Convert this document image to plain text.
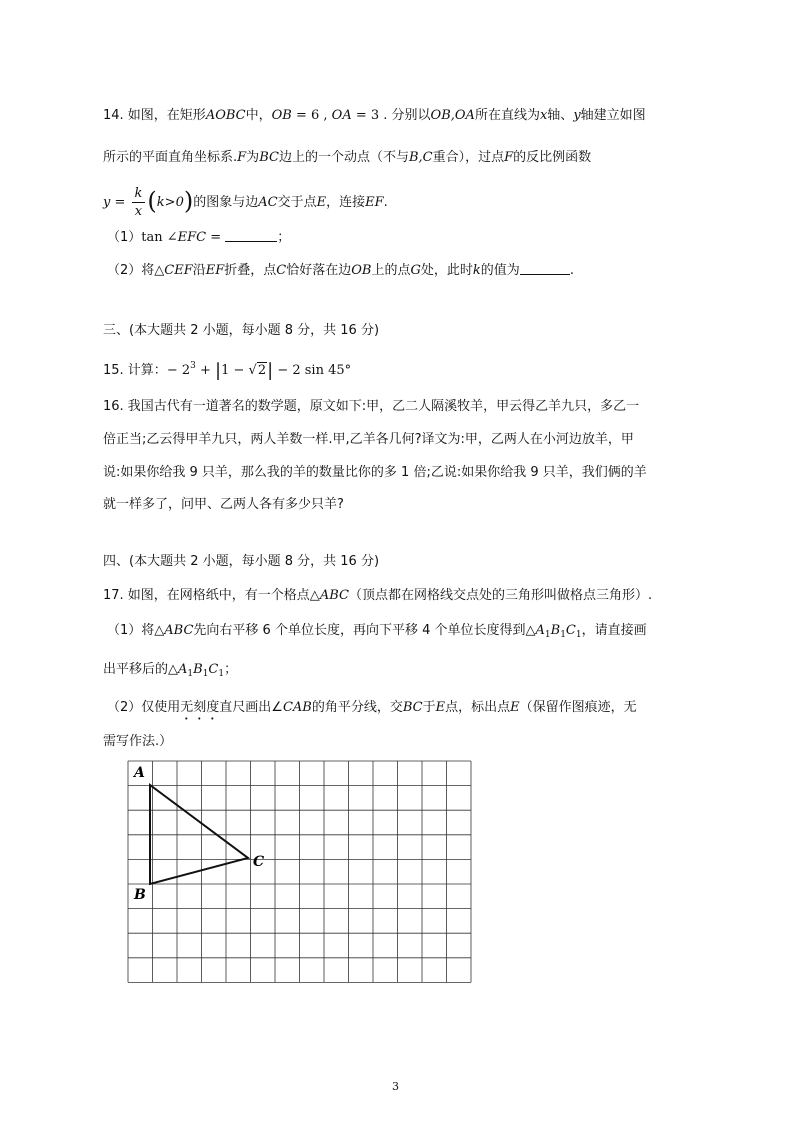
14. 如图，在矩形AOBC中，OB = 6 , OA = 3 . 分别以OB,OA所在直线为x轴、y轴建立如图
所示的平面直角坐标系.F为BC边上的一个动点（不与B,C重合），过点F的反比例函数
$y = \frac{k}{x} (k>0)$的图象与边AC交于点E，连接EF.
（1）tan ∠EFC =	；
（2）将△CEF沿EF折叠，点C恰好落在边OB上的点G处，此时k的值为	.
三、(本大题共 2 小题，每小题 8 分，共 16 分)
15. 计算：− $2^3 + |1 - √2| - 2$ sin 45°
16. 我国古代有一道著名的数学题，原文如下:甲，乙二人隔溪牧羊，甲云得乙羊九只，多乙一
倍正当;乙云得甲羊九只，两人羊数一样.甲,乙羊各几何?译文为:甲，乙两人在小河边放羊，甲
说:如果你给我 9 只羊，那么我的羊的数量比你的多 1 倍;乙说:如果你给我 9 只羊，我们俩的羊
就一样多了，问甲、乙两人各有多少只羊?
四、(本大题共 2 小题，每小题 8 分，共 16 分)
17. 如图，在网格纸中，有一个格点△ABC（顶点都在网格线交点处的三角形叫做格点三角形）.
（1）将△ABC先向右平移 6 个单位长度，再向下平移 4 个单位长度得到$\triangle A_1B_1C_1$，请直接画
出平移后的$\triangle A_1B_1C_1$；
（2）仅使用无刻度直尺画出∠CAB的角平分线，交BC于E点，标出点E（保留作图痕迹，无
需写作法.）
A
B
C
3
